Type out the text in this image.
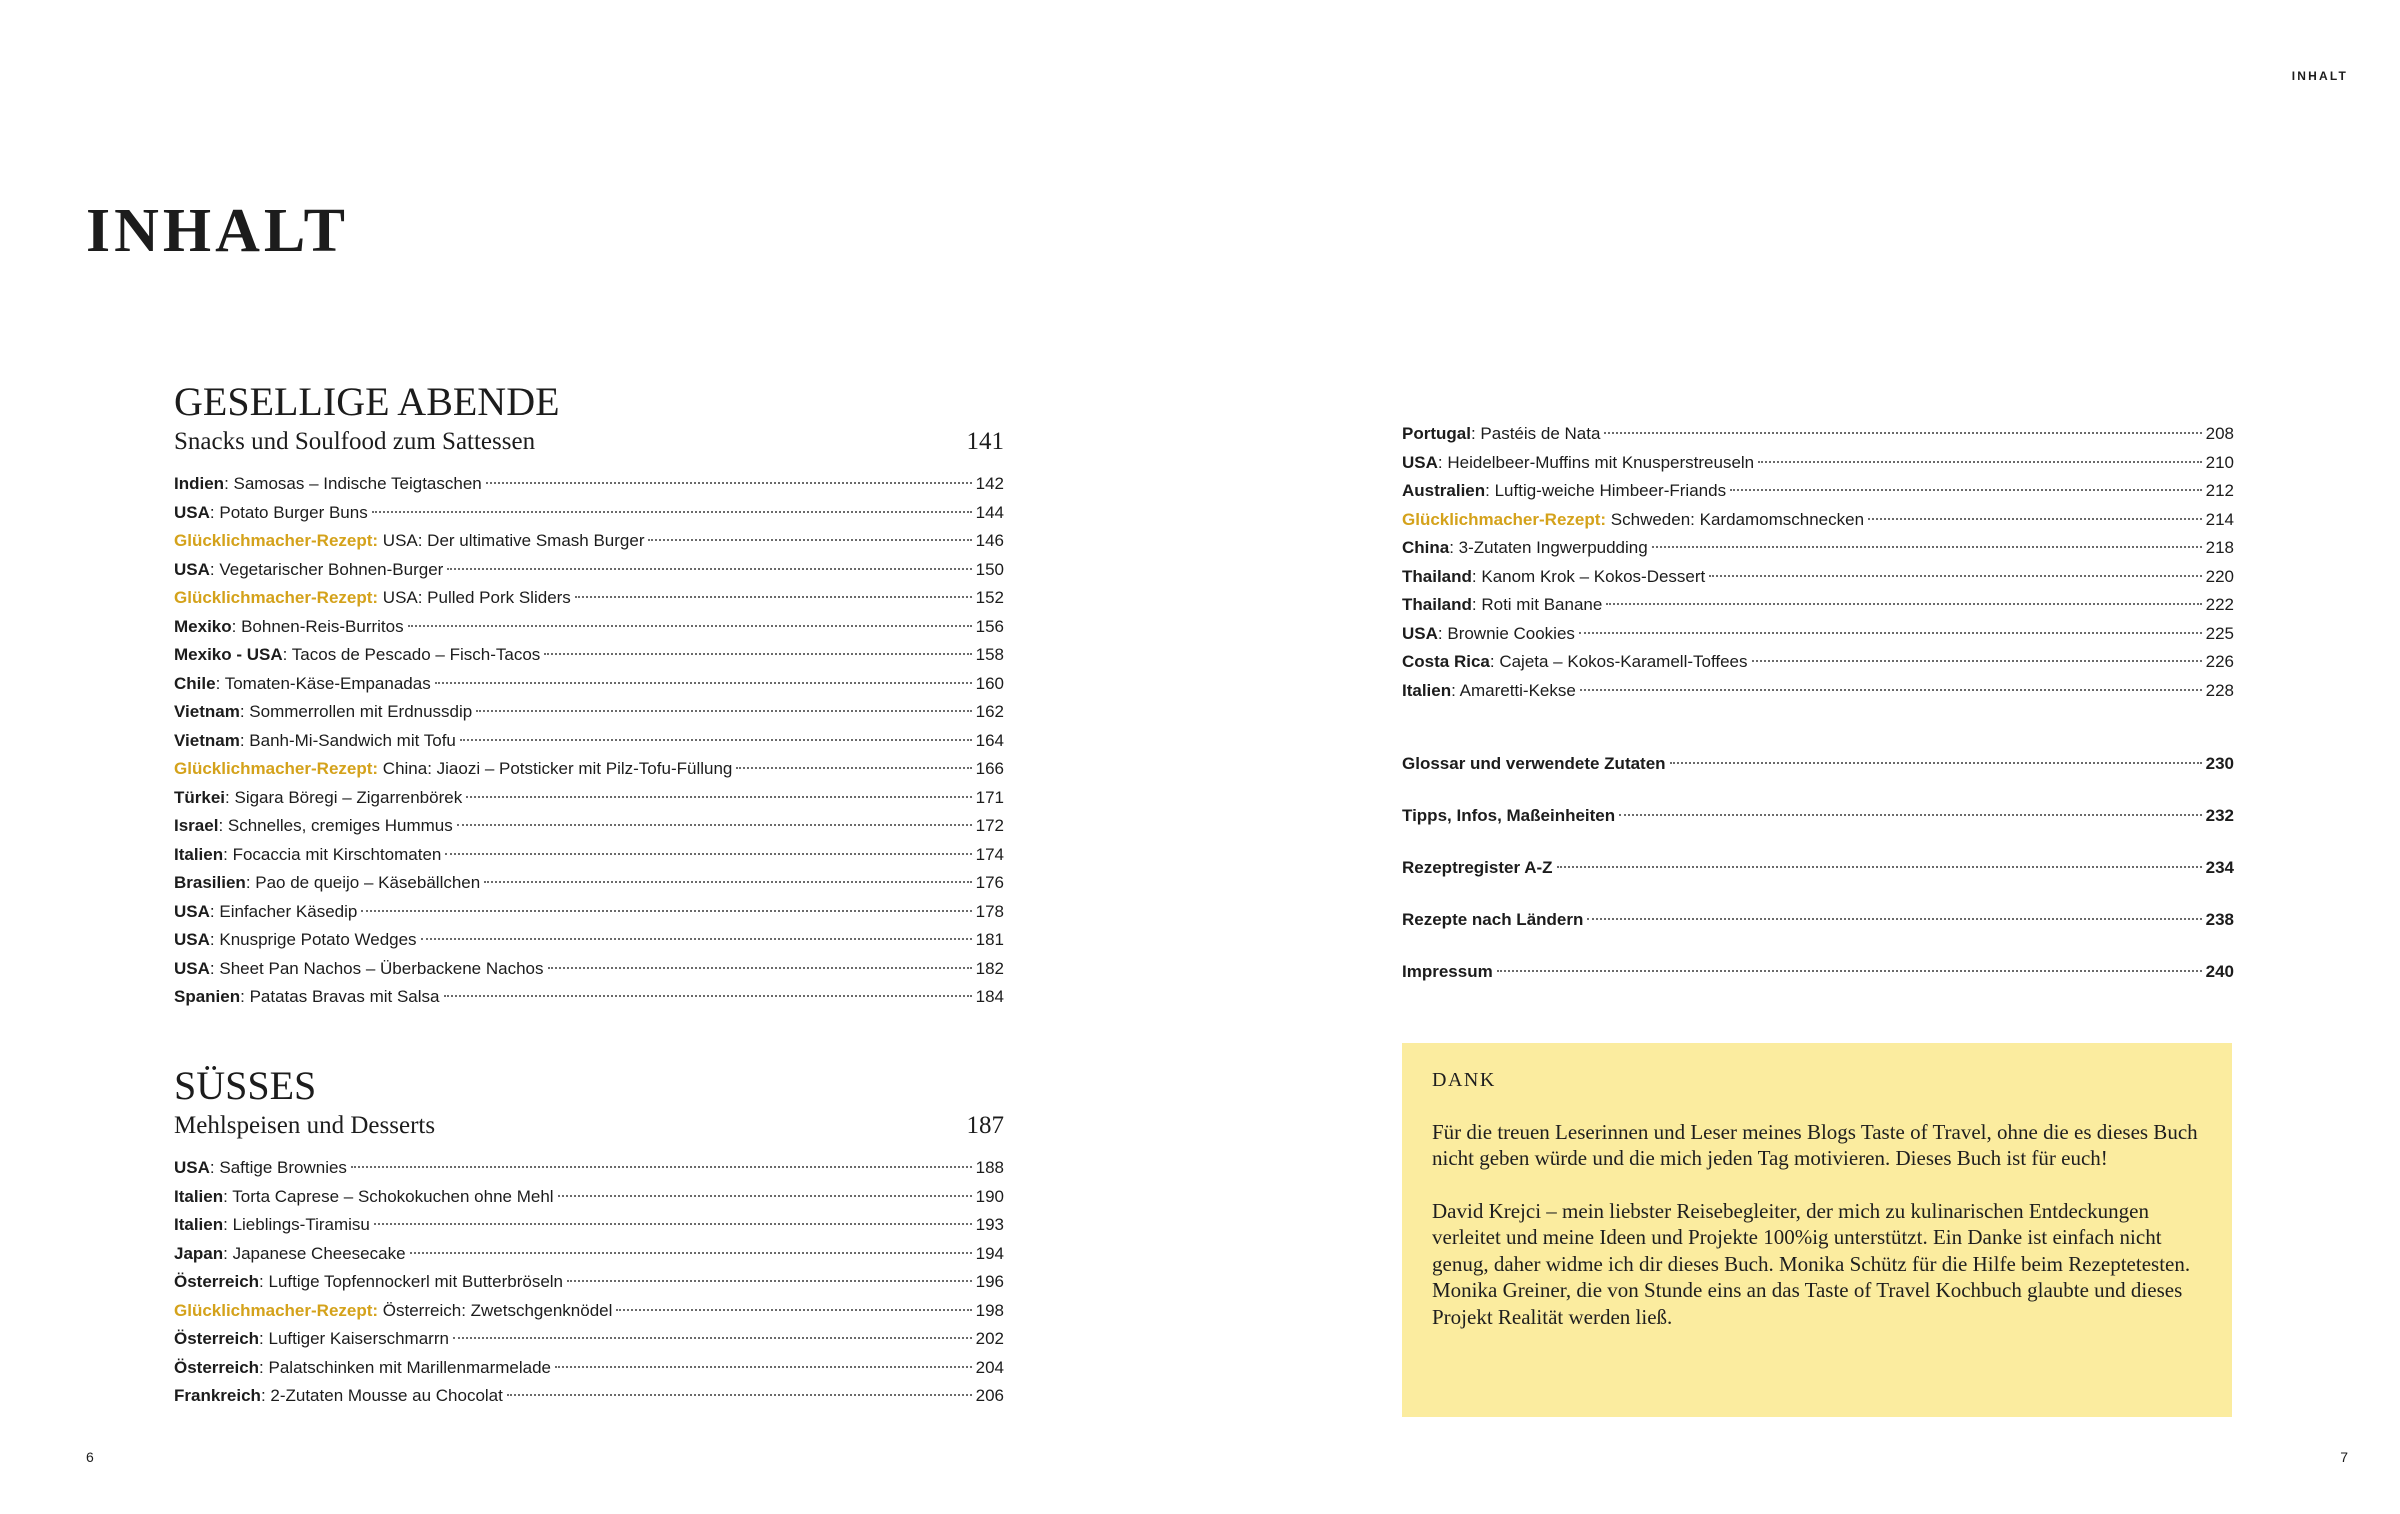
INHALT
GESELLIGE ABENDE
Snacks und Soulfood zum Sattessen	141
Indien: Samosas – Indische Teigtaschen	142
USA: Potato Burger Buns	144
Glücklichmacher-Rezept: USA: Der ultimative Smash Burger	146
USA: Vegetarischer Bohnen-Burger	150
Glücklichmacher-Rezept: USA: Pulled Pork Sliders	152
Mexiko: Bohnen-Reis-Burritos	156
Mexiko - USA: Tacos de Pescado – Fisch-Tacos	158
Chile: Tomaten-Käse-Empanadas	160
Vietnam: Sommerrollen mit Erdnussdip	162
Vietnam: Banh-Mi-Sandwich mit Tofu	164
Glücklichmacher-Rezept: China: Jiaozi – Potsticker mit Pilz-Tofu-Füllung	166
Türkei: Sigara Böregi – Zigarrenbörek	171
Israel: Schnelles, cremiges Hummus	172
Italien: Focaccia mit Kirschtomaten	174
Brasilien: Pao de queijo – Käsebällchen	176
USA: Einfacher Käsedip	178
USA: Knusprige Potato Wedges	181
USA: Sheet Pan Nachos – Überbackene Nachos	182
Spanien: Patatas Bravas mit Salsa	184
SÜSSES
Mehlspeisen und Desserts	187
USA: Saftige Brownies	188
Italien: Torta Caprese – Schokokuchen ohne Mehl	190
Italien: Lieblings-Tiramisu	193
Japan: Japanese Cheesecake	194
Österreich: Luftige Topfennockerl mit Butterbröseln	196
Glücklichmacher-Rezept: Österreich: Zwetschgenknödel	198
Österreich: Luftiger Kaiserschmarrn	202
Österreich: Palatschinken mit Marillenmarmelade	204
Frankreich: 2-Zutaten Mousse au Chocolat	206
6
INHALT
7
Portugal: Pastéis de Nata	208
USA: Heidelbeer-Muffins mit Knusperstreuseln	210
Australien: Luftig-weiche Himbeer-Friands	212
Glücklichmacher-Rezept: Schweden: Kardamomschnecken	214
China: 3-Zutaten Ingwerpudding	218
Thailand: Kanom Krok – Kokos-Dessert	220
Thailand: Roti mit Banane	222
USA: Brownie Cookies	225
Costa Rica: Cajeta – Kokos-Karamell-Toffees	226
Italien: Amaretti-Kekse	228
Glossar und verwendete Zutaten	230
Tipps, Infos, Maßeinheiten	232
Rezeptregister A-Z	234
Rezepte nach Ländern	238
Impressum	240
DANK

Für die treuen Leserinnen und Leser meines Blogs Taste of Travel, ohne die es dieses Buch nicht geben würde und die mich jeden Tag motivieren. Dieses Buch ist für euch!

David Krejci – mein liebster Reisebegleiter, der mich zu kulinarischen Entdeckungen verleitet und meine Ideen und Projekte 100%ig unterstützt. Ein Danke ist einfach nicht genug, daher widme ich dir dieses Buch. Monika Schütz für die Hilfe beim Rezeptetesten. Monika Greiner, die von Stunde eins an das Taste of Travel Kochbuch glaubte und dieses Projekt Realität werden ließ.
